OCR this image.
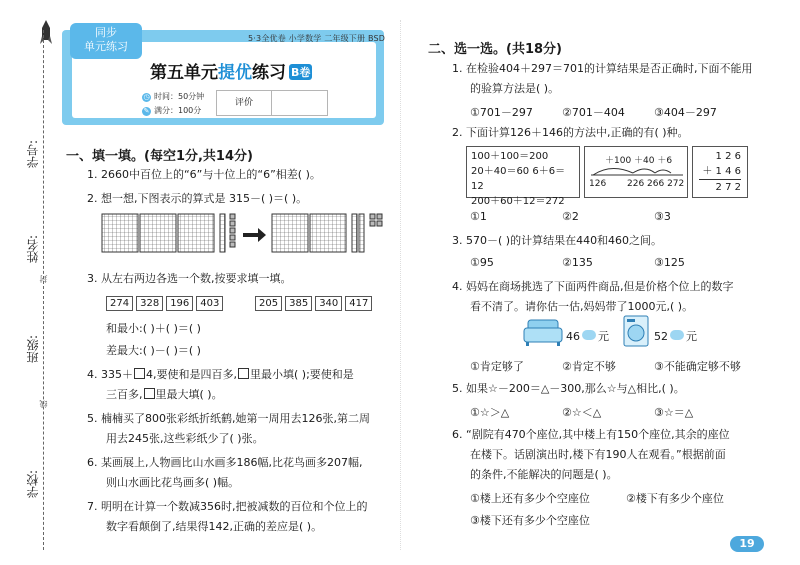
学号:
姓名:
班级:
学校:
封
线
同步
单元练习
5·3全优卷 小学数学 二年级下册 BSD
第五单元提优练习 B卷
◷ 时间：50分钟
✎ 满分：100分
评价
一、填一填。(每空1分,共14分)
1. 2660中百位上的“6”与十位上的“6”相差( )。
2. 想一想,下图表示的算式是 315－( )＝( )。
3. 从左右两边各选一个数,按要求填一填。
274 328 196 403	205 385 340 417
和最小:( )＋( )＝( )
差最大:( )－( )＝( )
4. 335＋ 4,要使和是四百多, 里最小填( );要使和是
三百多, 里最大填( )。
5. 楠楠买了800张彩纸折纸鹤,她第一周用去126张,第二周
用去245张,这些彩纸少了( )张。
6. 某画展上,人物画比山水画多186幅,比花鸟画多207幅,
则山水画比花鸟画多( )幅。
7. 明明在计算一个数减356时,把被减数的百位和个位上的
数字看颠倒了,结果得142,正确的差应是( )。
二、选一选。(共18分)
1. 在检验404＋297＝701的计算结果是否正确时,下面不能用
的验算方法是( )。
①701－297	②701－404	③404－297
2. 下面计算126＋146的方法中,正确的有( )种。
100＋100＝200
20＋40＝60 6＋6＝12
200＋60＋12＝272
＋100 ＋40 ＋6
126 226 266 272
1 2 6
＋ 1 4 6
2 7 2
①1	②2	③3
3. 570－( )的计算结果在440和460之间。
①95	②135	③125
4. 妈妈在商场挑选了下面两件商品,但是价格个位上的数字
看不清了。请你估一估,妈妈带了1000元,( )。
46 元	52 元
①肯定够了	②肯定不够	③不能确定够不够
5. 如果☆－200＝△－300,那么☆与△相比,( )。
①☆＞△	②☆＜△	③☆＝△
6. “剧院有470个座位,其中楼上有150个座位,其余的座位
在楼下。话剧演出时,楼下有190人在观看。”根据前面
的条件,不能解决的问题是( )。
①楼上还有多少个空座位	②楼下有多少个座位
③楼下还有多少个空座位
19
